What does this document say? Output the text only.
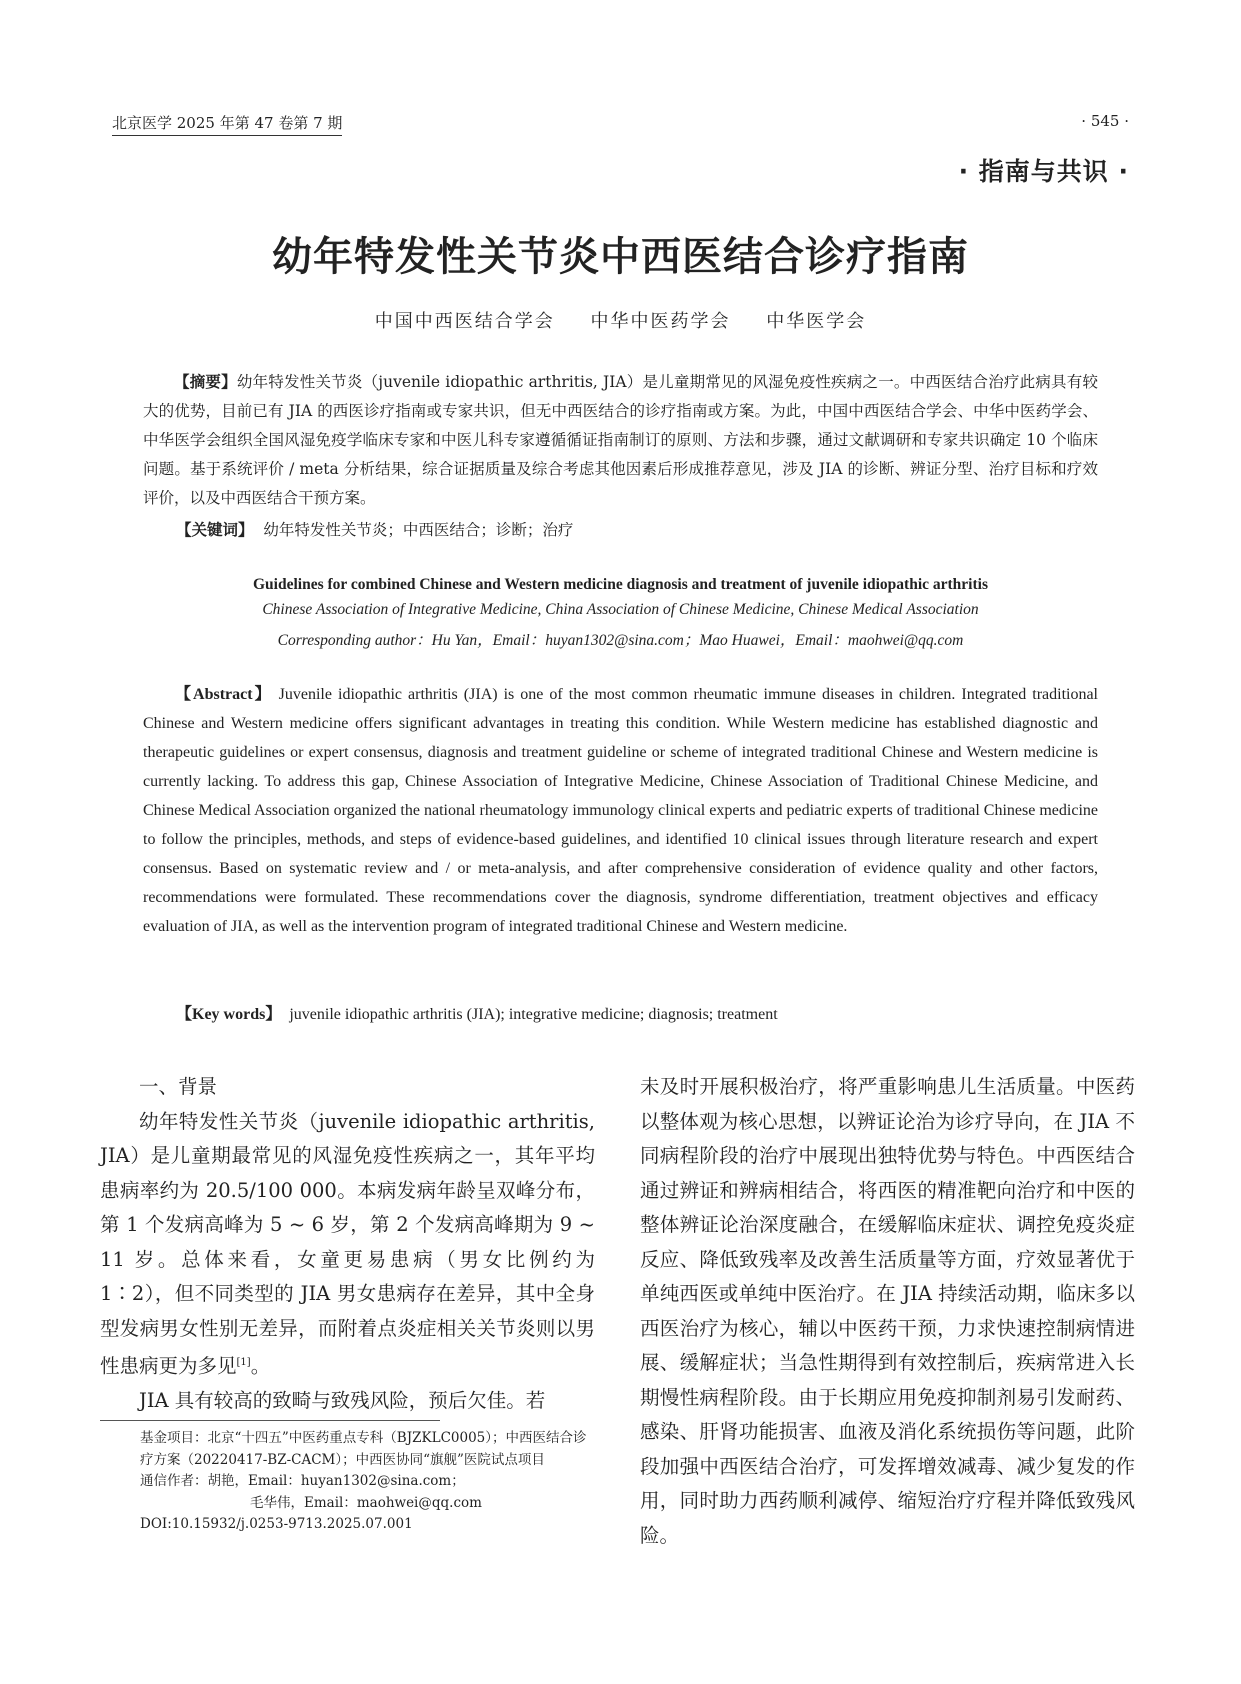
北京医学 2025 年第 47 卷第 7 期	· 545 ·
· 指南与共识 ·
幼年特发性关节炎中西医结合诊疗指南
中国中西医结合学会 中华中医药学会 中华医学会

【摘要】幼年特发性关节炎（juvenile idiopathic arthritis, JIA）是儿童期常见的风湿免疫性疾病之一。中西医结合治疗此病具有较大的优势，目前已有 JIA 的西医诊疗指南或专家共识，但无中西医结合的诊疗指南或方案。为此，中国中西医结合学会、中华中医药学会、中华医学会组织全国风湿免疫学临床专家和中医儿科专家遵循循证指南制订的原则、方法和步骤，通过文献调研和专家共识确定 10 个临床问题。基于系统评价 / meta 分析结果，综合证据质量及综合考虑其他因素后形成推荐意见，涉及 JIA 的诊断、辨证分型、治疗目标和疗效评价，以及中西医结合干预方案。

【关键词】 幼年特发性关节炎；中西医结合；诊断；治疗
Guidelines for combined Chinese and Western medicine diagnosis and treatment of juvenile idiopathic arthritis
Chinese Association of Integrative Medicine, China Association of Chinese Medicine, Chinese Medical Association
Corresponding author：Hu Yan，Email：huyan1302@sina.com；Mao Huawei，Email：maohwei@qq.com

【Abstract】 Juvenile idiopathic arthritis (JIA) is one of the most common rheumatic immune diseases in children. Integrated traditional Chinese and Western medicine offers significant advantages in treating this condition. While Western medicine has established diagnostic and therapeutic guidelines or expert consensus, diagnosis and treatment guideline or scheme of integrated traditional Chinese and Western medicine is currently lacking. To address this gap, Chinese Association of Integrative Medicine, Chinese Association of Traditional Chinese Medicine, and Chinese Medical Association organized the national rheumatology immunology clinical experts and pediatric experts of traditional Chinese medicine to follow the principles, methods, and steps of evidence-based guidelines, and identified 10 clinical issues through literature research and expert consensus. Based on systematic review and / or meta-analysis, and after comprehensive consideration of evidence quality and other factors, recommendations were formulated. These recommendations cover the diagnosis, syndrome differentiation, treatment objectives and efficacy evaluation of JIA, as well as the intervention program of integrated traditional Chinese and Western medicine.

【Key words】 juvenile idiopathic arthritis (JIA); integrative medicine; diagnosis; treatment

一、背景

幼年特发性关节炎（juvenile idiopathic arthritis, JIA）是儿童期最常见的风湿免疫性疾病之一，其年平均患病率约为 20.5/100 000。本病发病年龄呈双峰分布，第 1 个发病高峰为 5 ~ 6 岁，第 2 个发病高峰期为 9 ~ 11 岁。总体来看，女童更易患病（男女比例约为 1∶2），但不同类型的 JIA 男女患病存在差异，其中全身型发病男女性别无差异，而附着点炎症相关关节炎则以男性患病更为多见[1]。

JIA 具有较高的致畸与致残风险，预后欠佳。若

未及时开展积极治疗，将严重影响患儿生活质量。中医药以整体观为核心思想，以辨证论治为诊疗导向，在 JIA 不同病程阶段的治疗中展现出独特优势与特色。中西医结合通过辨证和辨病相结合，将西医的精准靶向治疗和中医的整体辨证论治深度融合，在缓解临床症状、调控免疫炎症反应、降低致残率及改善生活质量等方面，疗效显著优于单纯西医或单纯中医治疗。在 JIA 持续活动期，临床多以西医治疗为核心，辅以中医药干预，力求快速控制病情进展、缓解症状；当急性期得到有效控制后，疾病常进入长期慢性病程阶段。由于长期应用免疫抑制剂易引发耐药、感染、肝肾功能损害、血液及消化系统损伤等问题，此阶段加强中西医结合治疗，可发挥增效减毒、减少复发的作用，同时助力西药顺利减停、缩短治疗疗程并降低致残风险。

基金项目：北京“十四五”中医药重点专科（BJZKLC0005）；中西医结合诊疗方案（20220417-BZ-CACM）；中西医协同“旗舰”医院试点项目

通信作者：胡艳，Email：huyan1302@sina.com；

毛华伟，Email：maohwei@qq.com

DOI:10.15932/j.0253-9713.2025.07.001
